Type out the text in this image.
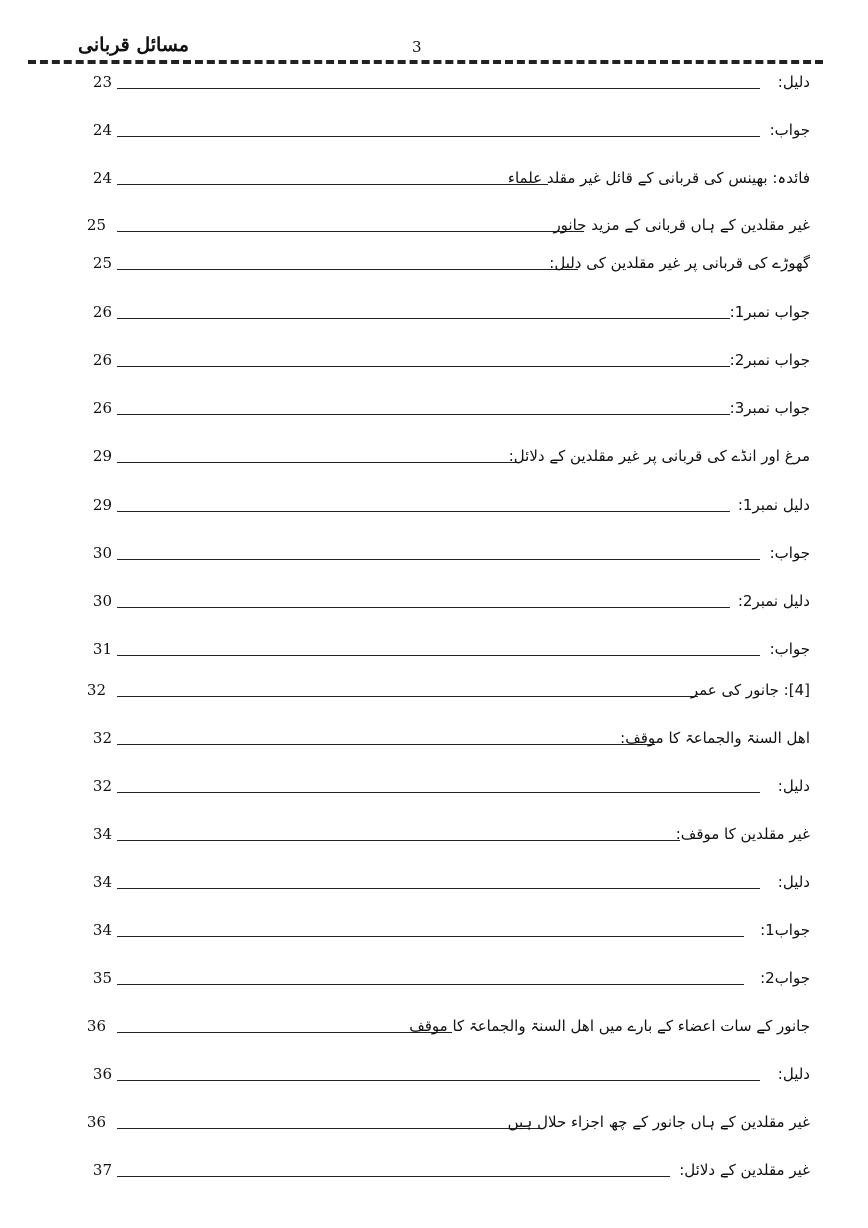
مسائل قربانی	3
23	دلیل:
24	جواب:
24	فائدہ: بھینس کی قربانی کے قائل غیر مقلد علماء
25	غیر مقلدین کے ہاں قربانی کے مزید جانور
25	گھوڑے کی قربانی پر غیر مقلدین کی دلیل:
26	جواب نمبر1:
26	جواب نمبر2:
26	جواب نمبر3:
29	مرغ اور انڈے کی قربانی پر غیر مقلدین کے دلائل:
29	دلیل نمبر1:
30	جواب:
30	دلیل نمبر2:
31	جواب:
32	[4]: جانور کی عمر
32	اھل السنۃ والجماعۃ کا موقف:
32	دلیل:
34	غیر مقلدین کا موقف:
34	دلیل:
34	جواب1:
35	جواب2:
36	جانور کے سات اعضاء کے بارے میں اھل السنۃ والجماعۃ کا موقف
36	دلیل:
36	غیر مقلدین کے ہاں جانور کے چھ اجزاء حلال ہیں
37	غیر مقلدین کے دلائل:
